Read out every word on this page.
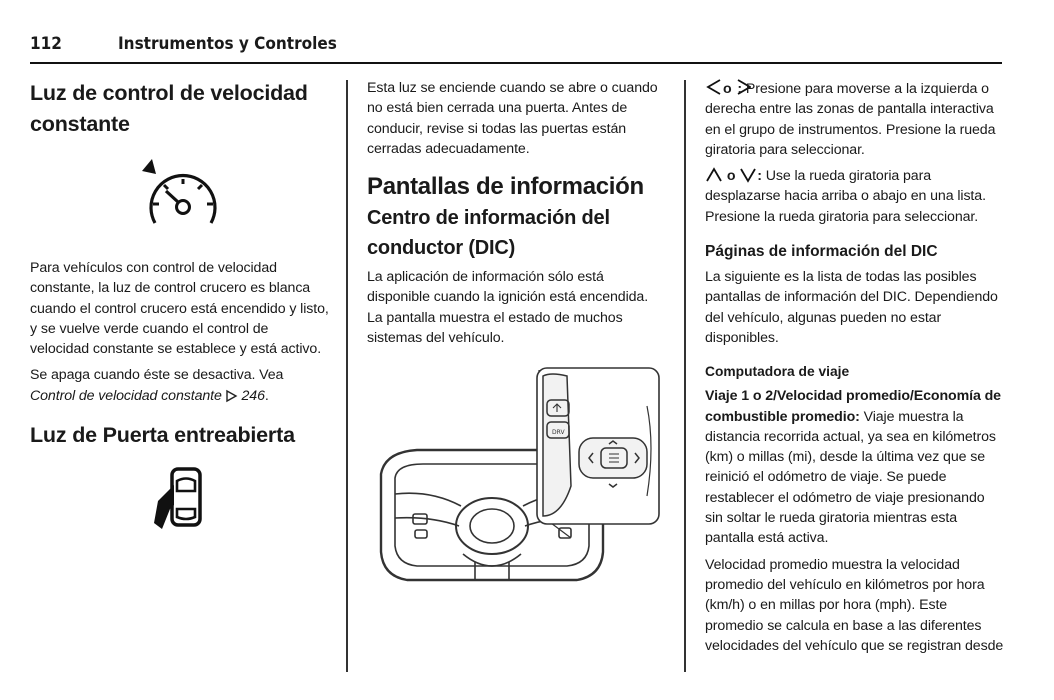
112	Instrumentos y Controles

Luz de control de velocidad constante

Para vehículos con control de velocidad constante, la luz de control crucero es blanca cuando el control crucero está encendido y listo, y se vuelve verde cuando el control de velocidad constante se establece y está activo.

Se apaga cuando éste se desactiva. Vea Control de velocidad constante 246.

Luz de Puerta entreabierta

Esta luz se enciende cuando se abre o cuando no está bien cerrada una puerta. Antes de conducir, revise si todas las puertas están cerradas adecuadamente.

Pantallas de información

Centro de información del conductor (DIC)

La aplicación de información sólo está disponible cuando la ignición está encendida. La pantalla muestra el estado de muchos sistemas del vehículo.

DRV

o : Presione para moverse a la izquierda o derecha entre las zonas de pantalla interactiva en el grupo de instrumentos. Presione la rueda giratoria para seleccionar.

o : Use la rueda giratoria para desplazarse hacia arriba o abajo en una lista. Presione la rueda giratoria para seleccionar.

Páginas de información del DIC

La siguiente es la lista de todas las posibles pantallas de información del DIC. Dependiendo del vehículo, algunas pueden no estar disponibles.

Computadora de viaje

Viaje 1 o 2/Velocidad promedio/Economía de combustible promedio: Viaje muestra la distancia recorrida actual, ya sea en kilómetros (km) o millas (mi), desde la última vez que se reinició el odómetro de viaje. Se puede restablecer el odómetro de viaje presionando sin soltar le rueda giratoria mientras esta pantalla está activa.

Velocidad promedio muestra la velocidad promedio del vehículo en kilómetros por hora (km/h) o en millas por hora (mph). Este promedio se calcula en base a las diferentes velocidades del vehículo que se registran desde
